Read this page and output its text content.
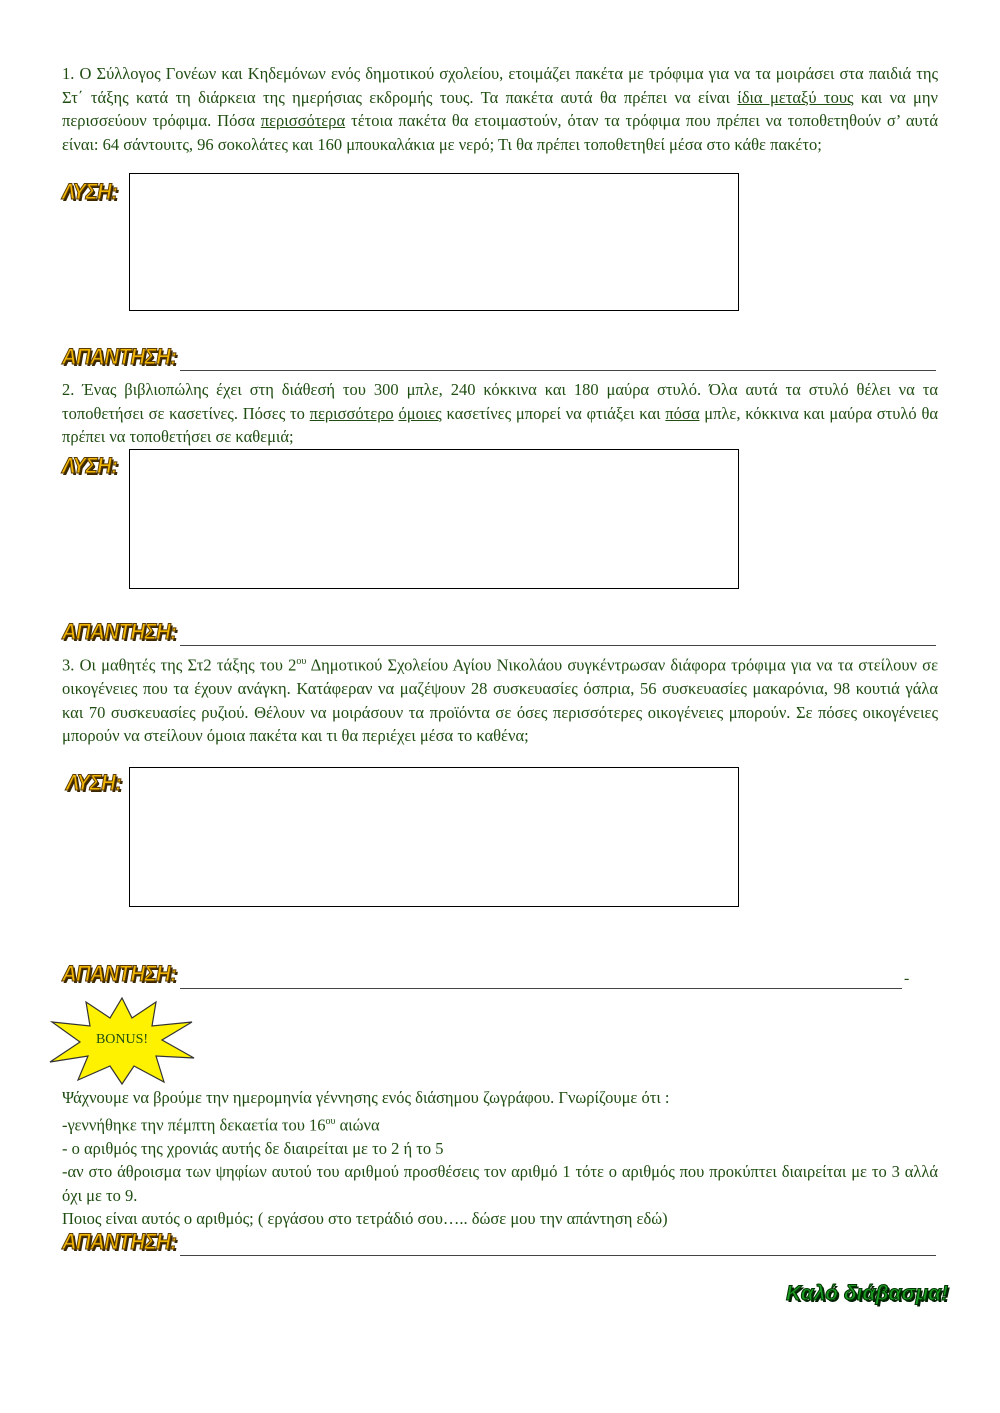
1. Ο Σύλλογος Γονέων και Κηδεμόνων ενός δημοτικού σχολείου, ετοιμάζει πακέτα με τρόφιμα για να τα μοιράσει στα παιδιά της Στ΄ τάξης κατά τη διάρκεια της ημερήσιας εκδρομής τους. Τα πακέτα αυτά θα πρέπει να είναι ίδια μεταξύ τους και να μην περισσεύουν τρόφιμα. Πόσα περισσότερα τέτοια πακέτα θα ετοιμαστούν, όταν τα τρόφιμα που πρέπει να τοποθετηθούν σ’ αυτά είναι: 64 σάντουιτς, 96 σοκολάτες και 160 μπουκαλάκια με νερό; Τι θα πρέπει τοποθετηθεί μέσα στο κάθε πακέτο;

ΛΥΣΗ:
ΑΠΑΝΤΗΣΗ:

2. Ένας βιβλιοπώλης έχει στη διάθεσή του 300 μπλε, 240 κόκκινα και 180 μαύρα στυλό. Όλα αυτά τα στυλό θέλει να τα τοποθετήσει σε κασετίνες. Πόσες το περισσότερο όμοιες κασετίνες μπορεί να φτιάξει και πόσα μπλε, κόκκινα και μαύρα στυλό θα πρέπει να τοποθετήσει σε καθεμιά;

ΛΥΣΗ:
ΑΠΑΝΤΗΣΗ:

3. Οι μαθητές της Στ2 τάξης του $2^{o\upsilon}$ Δημοτικού Σχολείου Αγίου Νικολάου συγκέντρωσαν διάφορα τρόφιμα για να τα στείλουν σε οικογένειες που τα έχουν ανάγκη. Κατάφεραν να μαζέψουν 28 συσκευασίες όσπρια, 56 συσκευασίες μακαρόνια, 98 κουτιά γάλα και 70 συσκευασίες ρυζιού. Θέλουν να μοιράσουν τα προϊόντα σε όσες περισσότερες οικογένειες μπορούν. Σε πόσες οικογένειες μπορούν να στείλουν όμοια πακέτα και τι θα περιέχει μέσα το καθένα;

ΛΥΣΗ:
ΑΠΑΝΤΗΣΗ:	-
BONUS!
Ψάχνουμε να βρούμε την ημερομηνία γέννησης ενός διάσημου ζωγράφου. Γνωρίζουμε ότι :
-γεννήθηκε την πέμπτη δεκαετία του $16^{o\upsilon}$ αιώνα
- ο αριθμός της χρονιάς αυτής δε διαιρείται με το 2 ή το 5
-αν στο άθροισμα των ψηφίων αυτού του αριθμού προσθέσεις τον αριθμό 1 τότε ο αριθμός που προκύπτει διαιρείται με το 3 αλλά όχι με το 9.
Ποιος είναι αυτός ο αριθμός; ( εργάσου στο τετράδιό σου….. δώσε μου την απάντηση εδώ)
ΑΠΑΝΤΗΣΗ:
Καλό διάβασμα!
